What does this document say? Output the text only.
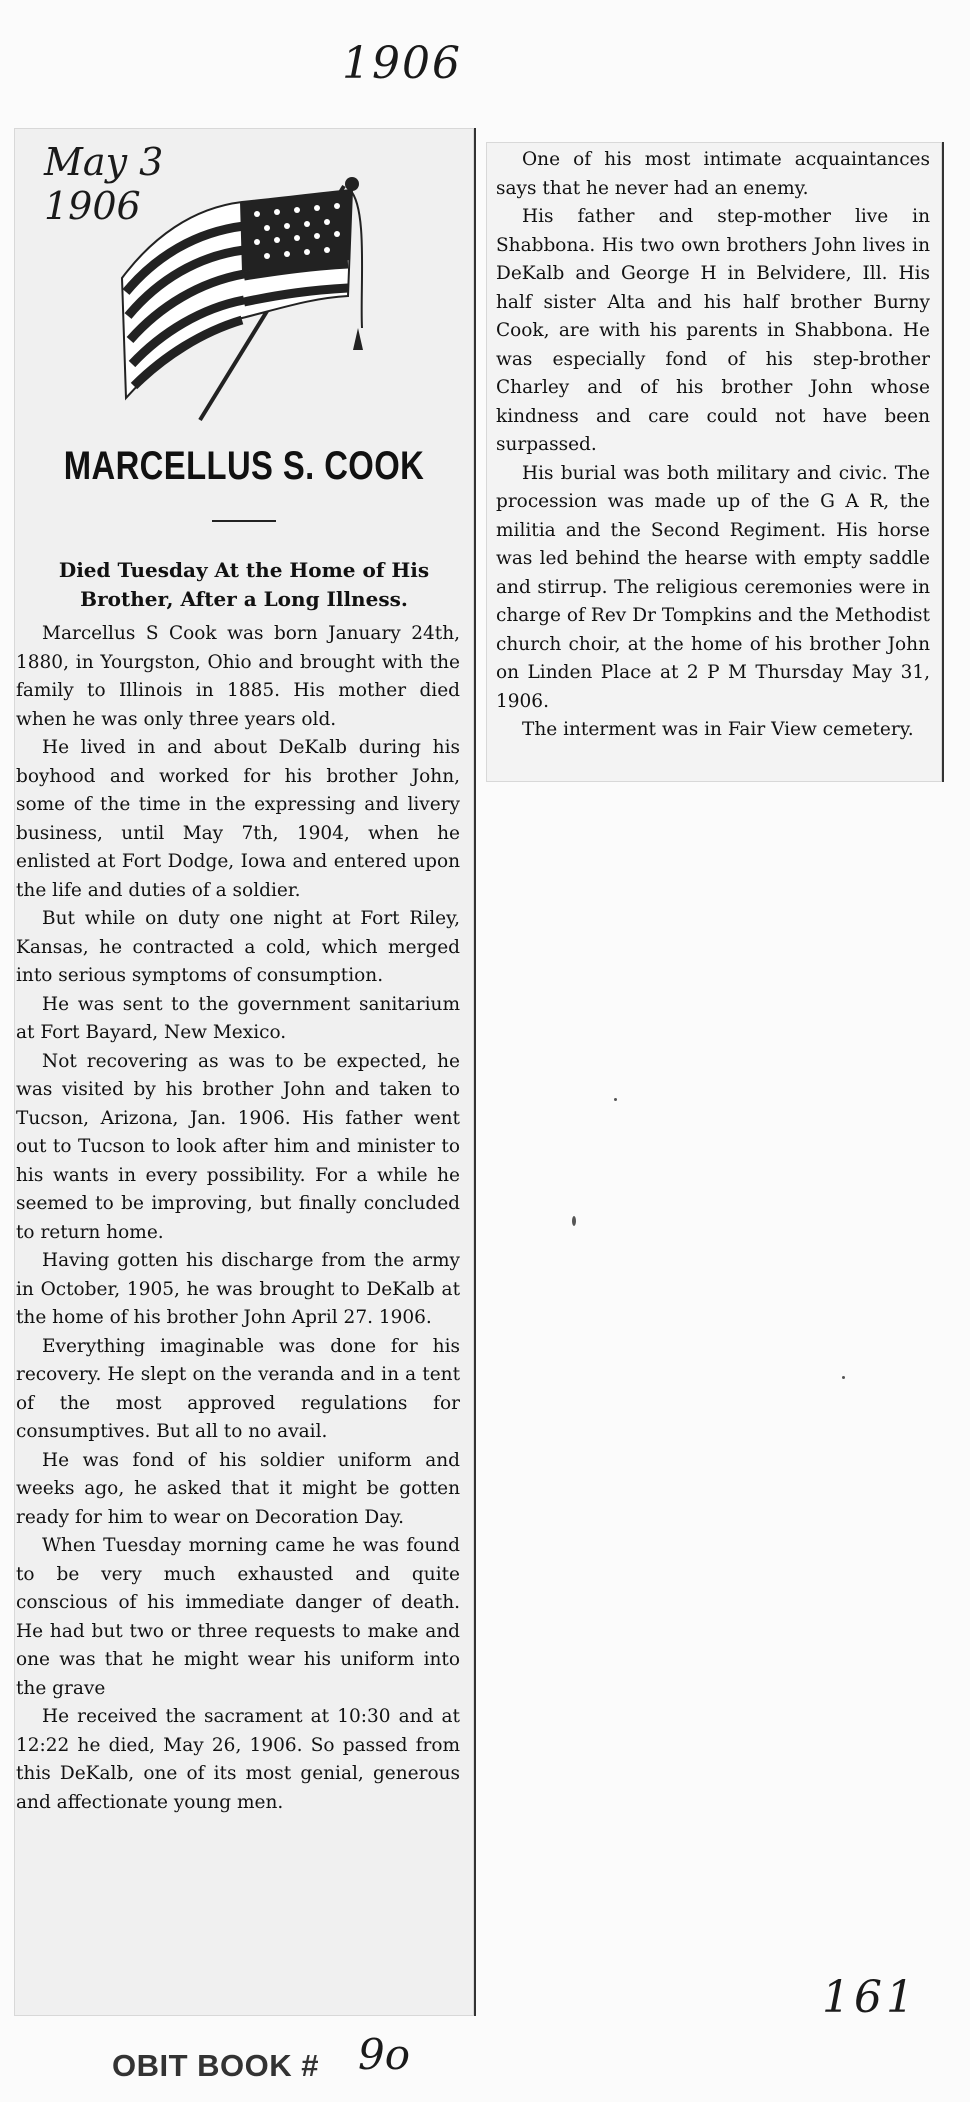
1906
May 3
1906
MARCELLUS S. COOK
Died Tuesday At the Home of His Brother, After a Long Illness.

Marcellus S Cook was born January 24th, 1880, in Yourgston, Ohio and brought with the family to Illinois in 1885. His mother died when he was only three years old.

He lived in and about DeKalb during his boyhood and worked for his brother John, some of the time in the expressing and livery business, until May 7th, 1904, when he enlisted at Fort Dodge, Iowa and entered upon the life and duties of a soldier.

But while on duty one night at Fort Riley, Kansas, he contracted a cold, which merged into serious symptoms of consumption.

He was sent to the government sanitarium at Fort Bayard, New Mexico.

Not recovering as was to be expected, he was visited by his brother John and taken to Tucson, Arizona, Jan. 1906. His father went out to Tucson to look after him and minister to his wants in every possibility. For a while he seemed to be improving, but finally concluded to return home.

Having gotten his discharge from the army in October, 1905, he was brought to DeKalb at the home of his brother John April 27. 1906.

Everything imaginable was done for his recovery. He slept on the veranda and in a tent of the most approved regulations for consumptives. But all to no avail.

He was fond of his soldier uniform and weeks ago, he asked that it might be gotten ready for him to wear on Decoration Day.

When Tuesday morning came he was found to be very much exhausted and quite conscious of his immediate danger of death. He had but two or three requests to make and one was that he might wear his uniform into the grave

He received the sacrament at 10:30 and at 12:22 he died, May 26, 1906. So passed from this DeKalb, one of its most genial, generous and affectionate young men.

One of his most intimate acquaintances says that he never had an enemy.

His father and step-mother live in Shabbona. His two own brothers John lives in DeKalb and George H in Belvidere, Ill. His half sister Alta and his half brother Burny Cook, are with his parents in Shabbona. He was especially fond of his step-brother Charley and of his brother John whose kindness and care could not have been surpassed.

His burial was both military and civic. The procession was made up of the G A R, the militia and the Second Regiment. His horse was led behind the hearse with empty saddle and stirrup. The religious ceremonies were in charge of Rev Dr Tompkins and the Methodist church choir, at the home of his brother John on Linden Place at 2 P M Thursday May 31, 1906.

The interment was in Fair View cemetery.

161
OBIT BOOK # 9o
